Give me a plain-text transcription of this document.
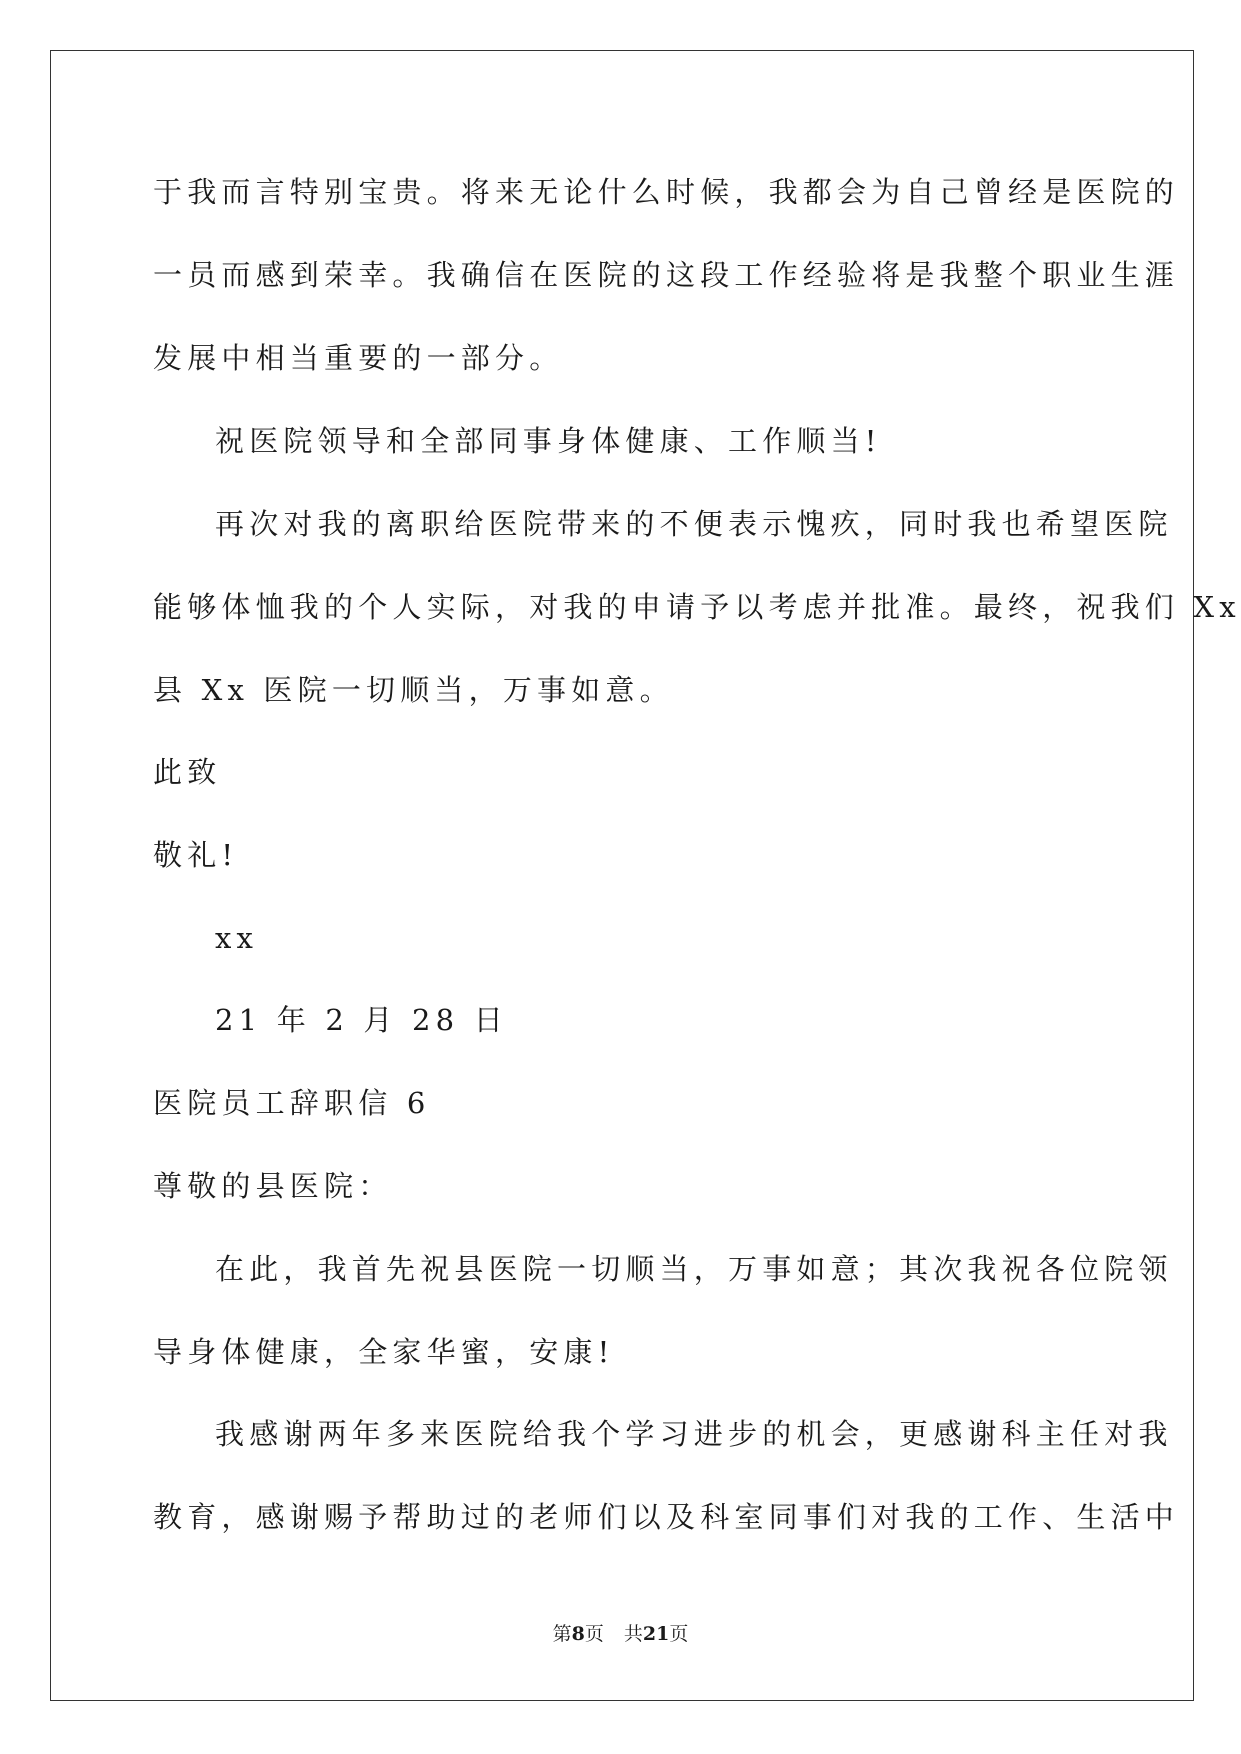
于我而言特别宝贵。将来无论什么时候，我都会为自己曾经是医院的
一员而感到荣幸。我确信在医院的这段工作经验将是我整个职业生涯
发展中相当重要的一部分。
祝医院领导和全部同事身体健康、工作顺当!
再次对我的离职给医院带来的不便表示愧疚，同时我也希望医院
能够体恤我的个人实际，对我的申请予以考虑并批准。最终，祝我们 Xx
县 Xx 医院一切顺当，万事如意。
此致
敬礼!
xx
21 年 2 月 28 日
医院员工辞职信 6
尊敬的县医院：
在此，我首先祝县医院一切顺当，万事如意；其次我祝各位院领
导身体健康，全家华蜜，安康!
我感谢两年多来医院给我个学习进步的机会，更感谢科主任对我
教育，感谢赐予帮助过的老师们以及科室同事们对我的工作、生活中
第8页 共21页
